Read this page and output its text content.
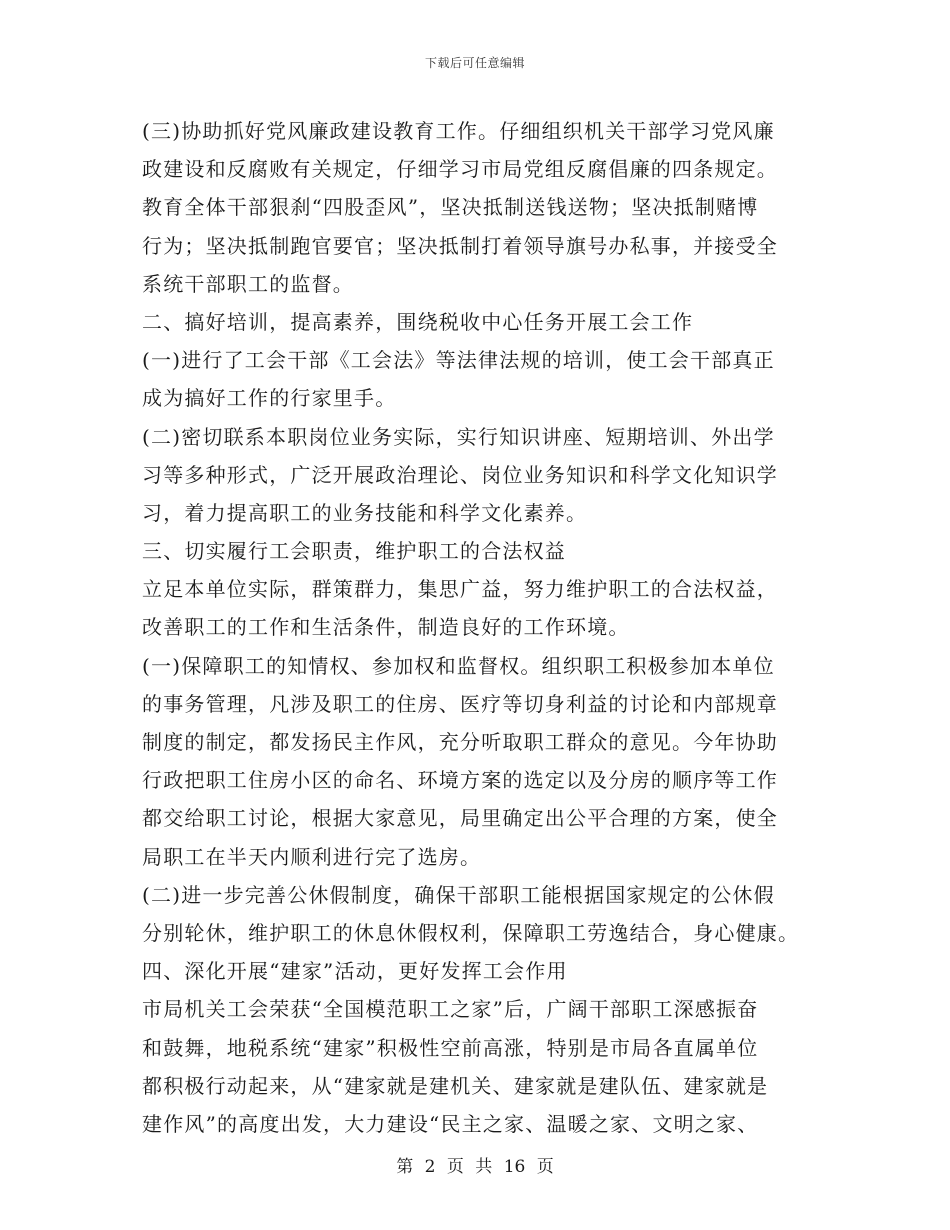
下载后可任意编辑
(三)协助抓好党风廉政建设教育工作。仔细组织机关干部学习党风廉
政建设和反腐败有关规定，仔细学习市局党组反腐倡廉的四条规定。
教育全体干部狠刹“四股歪风”，坚决抵制送钱送物；坚决抵制赌博
行为；坚决抵制跑官要官；坚决抵制打着领导旗号办私事，并接受全
系统干部职工的监督。
二、搞好培训，提高素养，围绕税收中心任务开展工会工作
(一)进行了工会干部《工会法》等法律法规的培训，使工会干部真正
成为搞好工作的行家里手。
(二)密切联系本职岗位业务实际，实行知识讲座、短期培训、外出学
习等多种形式，广泛开展政治理论、岗位业务知识和科学文化知识学
习，着力提高职工的业务技能和科学文化素养。
三、切实履行工会职责，维护职工的合法权益
立足本单位实际，群策群力，集思广益，努力维护职工的合法权益，
改善职工的工作和生活条件，制造良好的工作环境。
(一)保障职工的知情权、参加权和监督权。组织职工积极参加本单位
的事务管理，凡涉及职工的住房、医疗等切身利益的讨论和内部规章
制度的制定，都发扬民主作风，充分听取职工群众的意见。今年协助
行政把职工住房小区的命名、环境方案的选定以及分房的顺序等工作
都交给职工讨论，根据大家意见，局里确定出公平合理的方案，使全
局职工在半天内顺利进行完了选房。
(二)进一步完善公休假制度，确保干部职工能根据国家规定的公休假
分别轮休，维护职工的休息休假权利，保障职工劳逸结合，身心健康。
四、深化开展“建家”活动，更好发挥工会作用
市局机关工会荣获“全国模范职工之家”后，广阔干部职工深感振奋
和鼓舞，地税系统“建家”积极性空前高涨，特别是市局各直属单位
都积极行动起来，从“建家就是建机关、建家就是建队伍、建家就是
建作风”的高度出发，大力建设“民主之家、温暖之家、文明之家、
第 2 页 共 16 页
